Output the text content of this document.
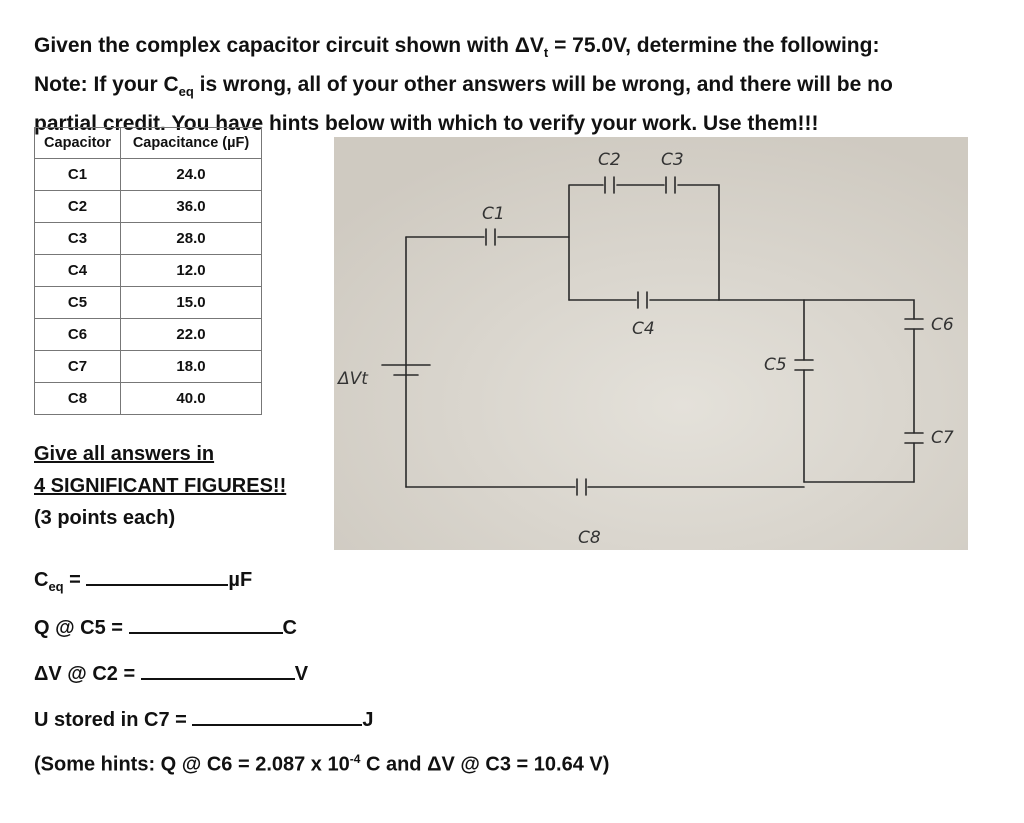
Given the complex capacitor circuit shown with $\Delta V_t = 75.0V$, determine the following:

Note: If your $C_{eq}$ is wrong, all of your other answers will be wrong, and there will be no

partial credit. You have hints below with which to verify your work. Use them!!!

Capacitor	Capacitance (µF)
C1	24.0
C2	36.0
C3	28.0
C4	12.0
C5	15.0
C6	22.0
C7	18.0
C8	40.0
C2 C3
C1
C4
C5
C6
C7
C8
ΔVt
Give all answers in
4 SIGNIFICANT FIGURES!!
(3 points each)
$C_{eq}$ =	µF
Q @ C5 =	C
ΔV @ C2 =	V
U stored in C7 =	J
(Some hints: Q @ C6 = 2.087 x $10^{-4}$ C and ΔV @ C3 = 10.64 V)
